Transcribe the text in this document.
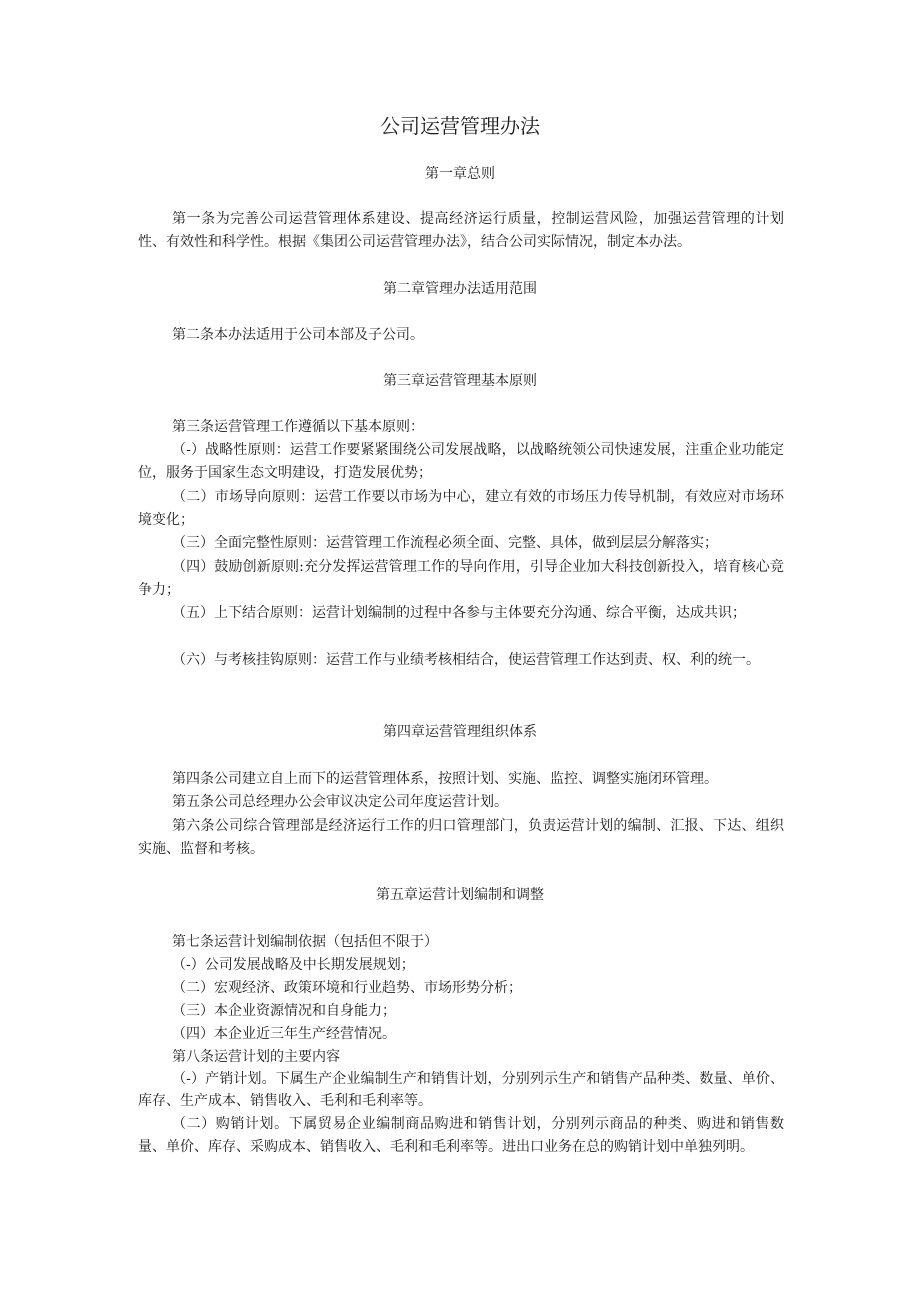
公司运营管理办法
第一章总则
第一条为完善公司运营管理体系建设、提高经济运行质量，控制运营风险，加强运营管理的计划性、有效性和科学性。根据《集团公司运营管理办法》，结合公司实际情况，制定本办法。
第二章管理办法适用范围
第二条本办法适用于公司本部及子公司。
第三章运营管理基本原则
第三条运营管理工作遵循以下基本原则：
（-）战略性原则：运营工作要紧紧围绕公司发展战略，以战略统领公司快速发展，注重企业功能定位，服务于国家生态文明建设，打造发展优势；
（二）市场导向原则：运营工作要以市场为中心，建立有效的市场压力传导机制，有效应对市场环境变化；
（三）全面完整性原则：运营管理工作流程必须全面、完整、具体，做到层层分解落实；
（四）鼓励创新原则:充分发挥运营管理工作的导向作用，引导企业加大科技创新投入，培育核心竞争力；
（五）上下结合原则：运营计划编制的过程中各参与主体要充分沟通、综合平衡，达成共识；
（六）与考核挂钩原则：运营工作与业绩考核相结合，使运营管理工作达到责、权、利的统一。
第四章运营管理组织体系
第四条公司建立自上而下的运营管理体系，按照计划、实施、监控、调整实施闭环管理。
第五条公司总经理办公会审议决定公司年度运营计划。
第六条公司综合管理部是经济运行工作的归口管理部门，负责运营计划的编制、汇报、下达、组织实施、监督和考核。
第五章运营计划编制和调整
第七条运营计划编制依据（包括但不限于）
（-）公司发展战略及中长期发展规划；
（二）宏观经济、政策环境和行业趋势、市场形势分析；
（三）本企业资源情况和自身能力；
（四）本企业近三年生产经营情况。
第八条运营计划的主要内容
（-）产销计划。下属生产企业编制生产和销售计划，分别列示生产和销售产品种类、数量、单价、库存、生产成本、销售收入、毛利和毛利率等。
（二）购销计划。下属贸易企业编制商品购进和销售计划，分别列示商品的种类、购进和销售数量、单价、库存、采购成本、销售收入、毛利和毛利率等。进出口业务在总的购销计划中单独列明。
